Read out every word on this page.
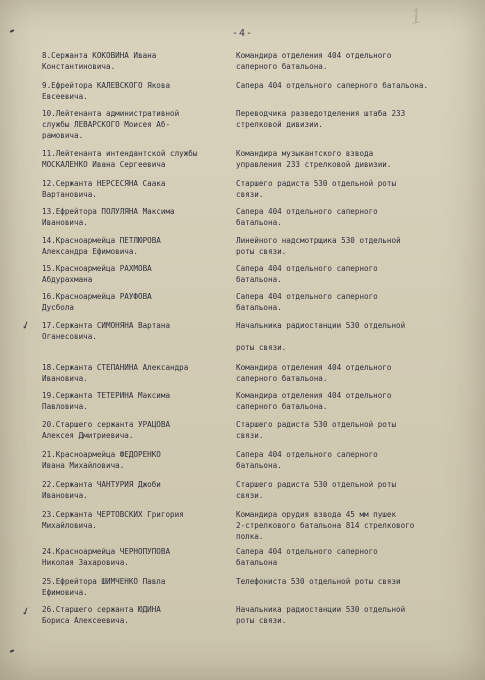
1
-4-
8.Сержанта КОКОВИНА Ивана
Константиновича.
Командира отделения 404 отдельного
саперного батальона.
9.Ефрейтора КАЛЕВСКОГО Якова
Евсеевича.
Сапера 404 отдельного саперного батальона.
10.Лейтенанта административной
службы ЛЕВАРСКОГО Моисея Аб-
рамовича.
Переводчика разведотделения штаба 233
стрелковой дивизии.
11.Лейтенанта интендантской службы
МОСКАЛЕНКО Ивана Сергеевича
Командира музыкантского взвода
управления 233 стрелковой дивизии.
12.Сержанта НЕРСЕСЯНА Саака
Вартановича.
Старшего радиста 530 отдельной роты
связи.
13.Ефрейтора ПОЛУЛЯНА Максима
Ивановича.
Сапера 404 отдельного саперного
батальона.
14.Красноармейца ПЕТЛЮРОВА
Александра Ефимовича.
Линейного надсмотрщика 530 отдельной
роты связи.
15.Красноармейца РАХМОВА
Абдурахмана
Сапера 404 отдельного саперного
батальона.
16.Красноармейца РАУФОВА
Дусбола
Сапера 404 отдельного саперного
батальона.
✓ 17.Сержанта СИМОНЯНА Вартана
Оганесовича.
Начальника радиостанции 530 отдельной

роты связи.
18.Сержанта СТЕПАНИНА Александра
Ивановича.
Командира отделения 404 отдельного
саперного батальона.
19.Сержанта ТЕТЕРИНА Максима
Павловича.
Командира отделения 404 отдельного
саперного батальона.
20.Старшего сержанта УРАЦОВА
Алексея Дмитриевича.
Старшего радиста 530 отдельной роты
связи.
21.Красноармейца ФЕДОРЕНКО
Ивана Михайловича.
Сапера 404 отдельного саперного
батальона.
22.Сержанта ЧАНТУРИЯ Джоби
Ивановича.
Старшего радиста 530 отдельной роты
связи.
23.Сержанта ЧЕРТОВСКИХ Григория
Михайловича.
Командира орудия взвода 45 мм пушек
2-стрелкового батальона 814 стрелкового
полка.
24.Красноармейца ЧЕРНОПУПОВА
Николая Захаровича.
Сапера 404 отдельного саперного
батальона
25.Ефрейтора ШИМЧЕНКО Павла
Ефимовича.
Телефониста 530 отдельной роты связи
✓ 26.Старшего сержанта ЮДИНА
Бориса Алексеевича.
Начальника радиостанции 530 отдельной
роты связи.
